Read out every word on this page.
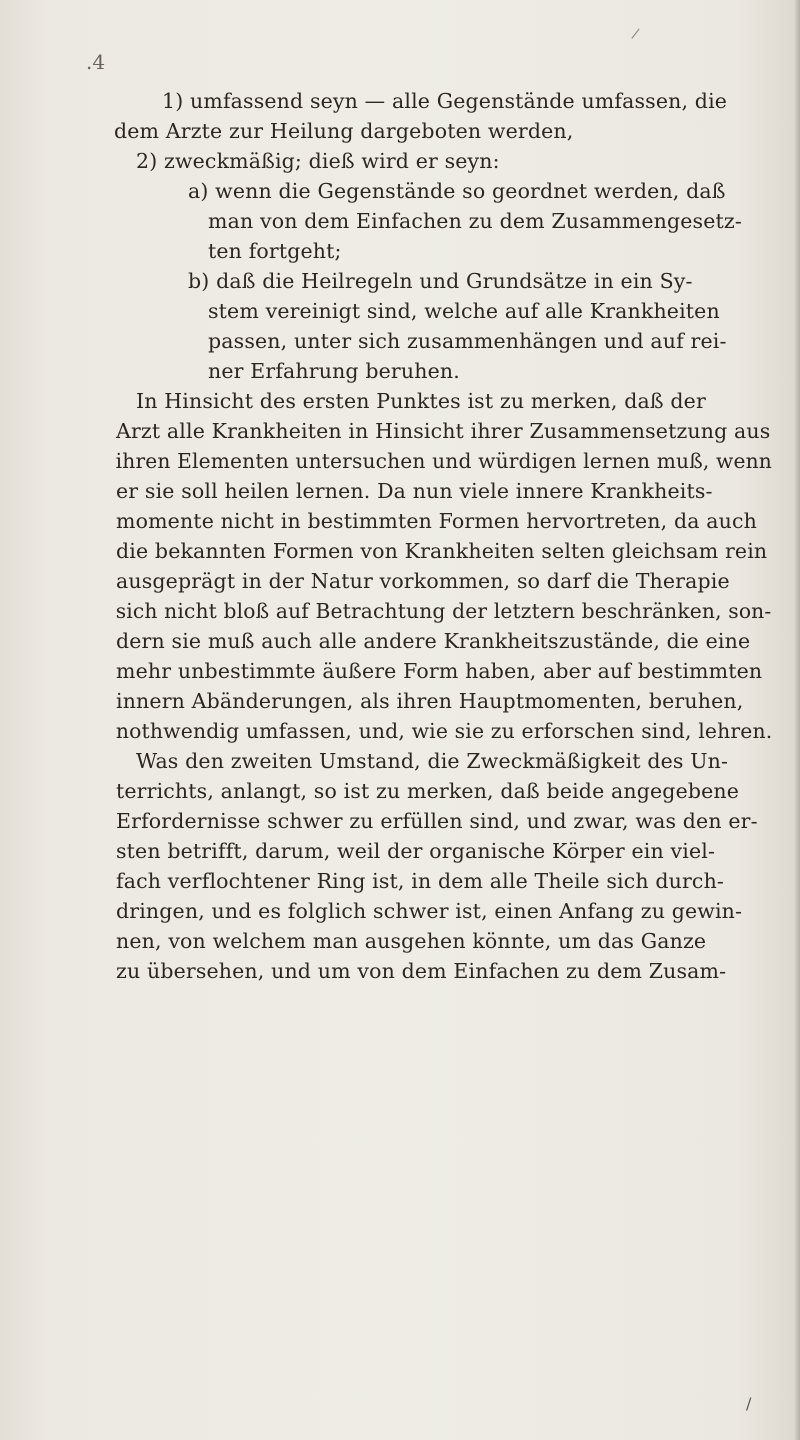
.4
/
1) umfassend seyn — alle Gegenstände umfassen, die
dem Arzte zur Heilung dargeboten werden,
2) zweckmäßig; dieß wird er seyn:
a) wenn die Gegenstände so geordnet werden, daß
man von dem Einfachen zu dem Zusammengesetz-
ten fortgeht;
b) daß die Heilregeln und Grundsätze in ein Sy-
stem vereinigt sind, welche auf alle Krankheiten
passen, unter sich zusammenhängen und auf rei-
ner Erfahrung beruhen.
In Hinsicht des ersten Punktes ist zu merken, daß der
Arzt alle Krankheiten in Hinsicht ihrer Zusammensetzung aus
ihren Elementen untersuchen und würdigen lernen muß, wenn
er sie soll heilen lernen. Da nun viele innere Krankheits-
momente nicht in bestimmten Formen hervortreten, da auch
die bekannten Formen von Krankheiten selten gleichsam rein
ausgeprägt in der Natur vorkommen, so darf die Therapie
sich nicht bloß auf Betrachtung der letztern beschränken, son-
dern sie muß auch alle andere Krankheitszustände, die eine
mehr unbestimmte äußere Form haben, aber auf bestimmten
innern Abänderungen, als ihren Hauptmomenten, beruhen,
nothwendig umfassen, und, wie sie zu erforschen sind, lehren.
Was den zweiten Umstand, die Zweckmäßigkeit des Un-
terrichts, anlangt, so ist zu merken, daß beide angegebene
Erfordernisse schwer zu erfüllen sind, und zwar, was den er-
sten betrifft, darum, weil der organische Körper ein viel-
fach verflochtener Ring ist, in dem alle Theile sich durch-
dringen, und es folglich schwer ist, einen Anfang zu gewin-
nen, von welchem man ausgehen könnte, um das Ganze
zu übersehen, und um von dem Einfachen zu dem Zusam-
/
